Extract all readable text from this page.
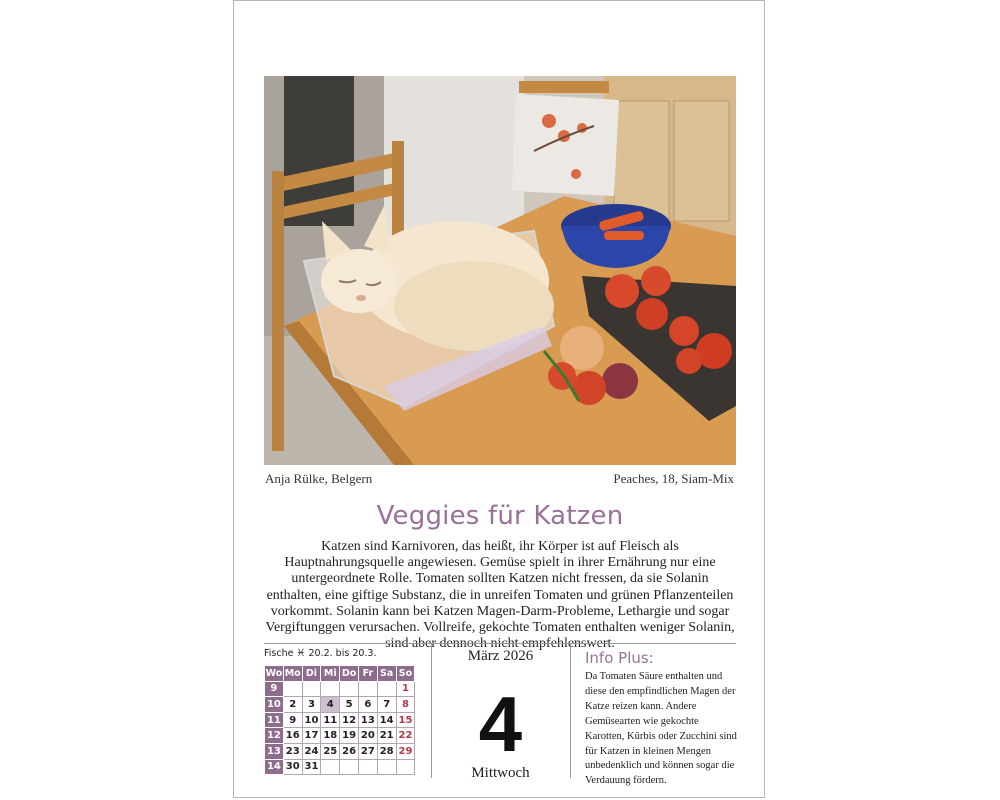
Anja Rülke, Belgern	Peaches, 18, Siam-Mix
Veggies für Katzen

Katzen sind Karnivoren, das heißt, ihr Körper ist auf Fleisch als Hauptnahrungsquelle angewiesen. Gemüse spielt in ihrer Ernährung nur eine untergeordnete Rolle. Tomaten sollten Katzen nicht fressen, da sie Solanin enthalten, eine giftige Substanz, die in unreifen Tomaten und grünen Pflanzenteilen vorkommt. Solanin kann bei Katzen Magen-Darm-Probleme, Lethargie und sogar Vergiftunggen verursachen. Vollreife, gekochte Tomaten enthalten weniger Solanin, sind aber dennoch nicht empfehlenswert.

Fische ♓ 20.2. bis 20.3.
Wo	Mo	Di	Mi	Do	Fr	Sa	So
9							1
10	2	3	4	5	6	7	8
11	9	10	11	12	13	14	15
12	16	17	18	19	20	21	22
13	23	24	25	26	27	28	29
14	30	31					
März 2026
4
Mittwoch
Info Plus:

Da Tomaten Säure enthalten und diese den empfindlichen Magen der Katze reizen kann. Andere Gemüsearten wie gekochte Karotten, Kürbis oder Zucchini sind für Katzen in kleinen Mengen unbedenklich und können sogar die Verdauung fördern.
